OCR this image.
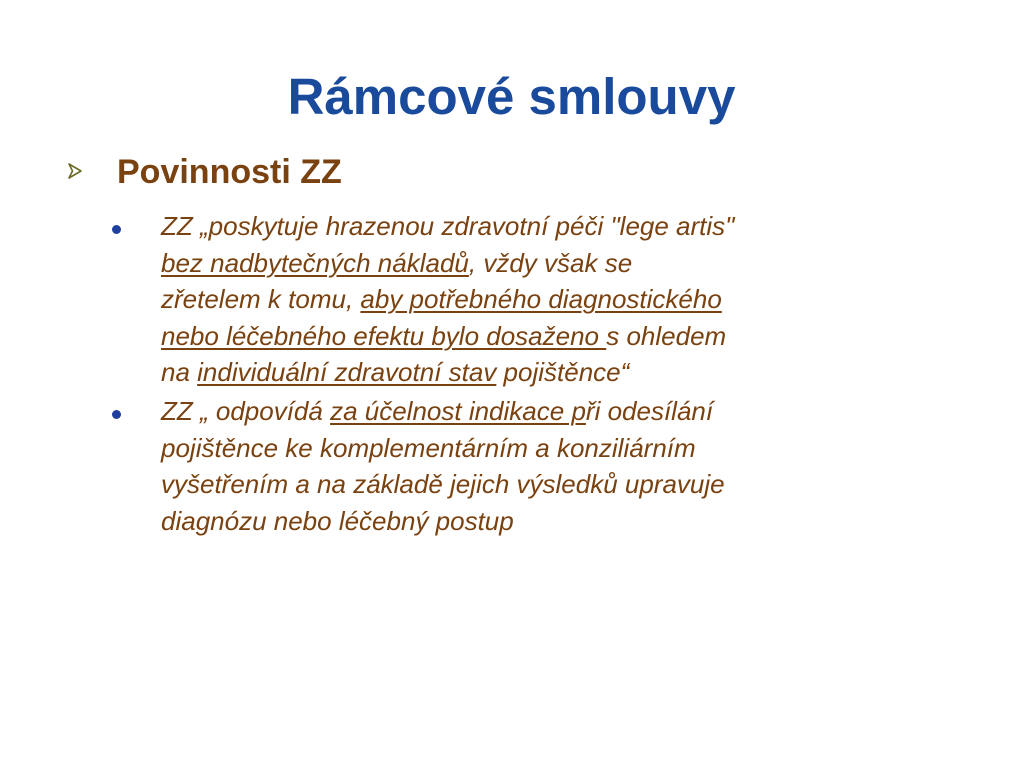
Rámcové smlouvy
Povinnosti ZZ

ZZ „poskytuje hrazenou zdravotní péči "lege artis"
bez nadbytečných nákladů, vždy však se
zřetelem k tomu, aby potřebného diagnostického
nebo léčebného efektu bylo dosaženo s ohledem
na individuální zdravotní stav pojištěnce“

ZZ „ odpovídá za účelnost indikace při odesílání
pojištěnce ke komplementárním a konziliárním
vyšetřením a na základě jejich výsledků upravuje
diagnózu nebo léčebný postup
